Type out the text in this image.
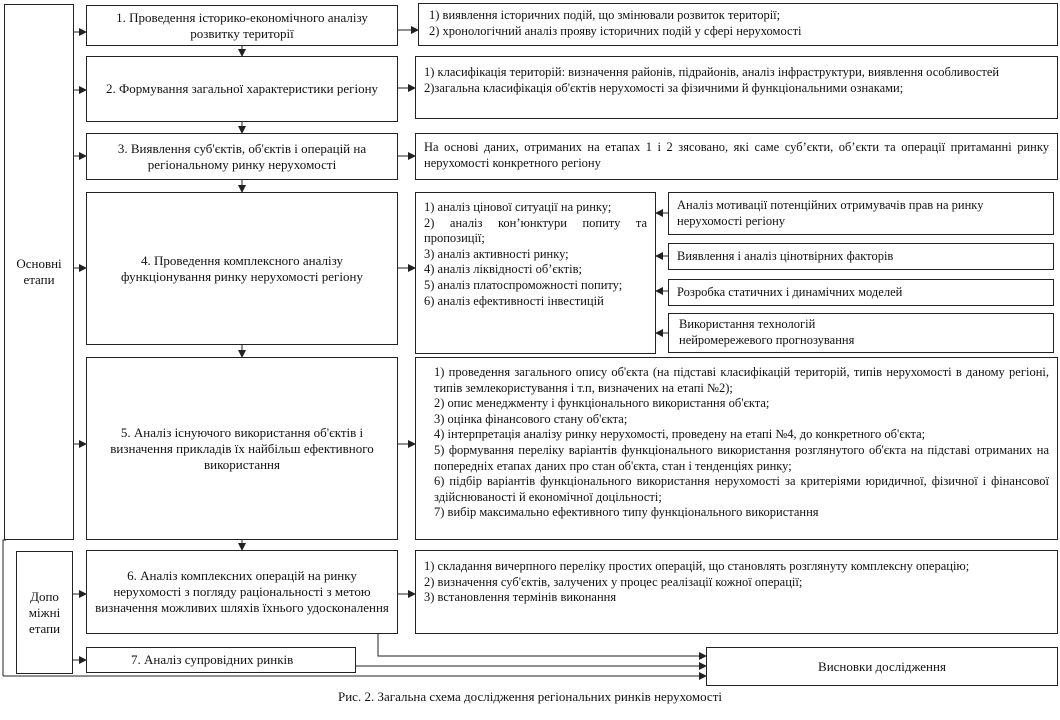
Основні етапи
Допо міжні етапи
1. Проведення історико-економічного аналізу розвитку території
2. Формування загальної характеристики регіону
3. Виявлення суб'єктів, об'єктів і операцій на регіональному ринку нерухомості
4. Проведення комплексного аналізу функціонування ринку нерухомості регіону
5. Аналіз існуючого використання об'єктів і визначення прикладів їх найбільш ефективного використання
6. Аналіз комплексних операцій на ринку нерухомості з погляду раціональності з метою визначення можливих шляхів їхнього удосконалення
7. Аналіз супровідних ринків
1) виявлення історичних подій, що змінювали розвиток території;
2) хронологічний аналіз прояву історичних подій у сфері нерухомості
1) класифікація територій: визначення районів, підрайонів, аналіз інфраструктури, виявлення особливостей
2)загальна класифікація об'єктів нерухомості за фізичними й функціональними ознаками;
На основі даних, отриманих на етапах 1 і 2 зясовано, які саме суб’єкти, об’єкти та операції притаманні ринку нерухомості конкретного регіону
1) аналіз цінової ситуації на ринку;
2) аналіз кон’юнктури попиту та пропозиції;
3) аналіз активності ринку;
4) аналіз ліквідності об’єктів;
5) аналіз платоспроможності попиту;
6) аналіз ефективності інвестицій
1) проведення загального опису об'єкта (на підставі класифікацій територій, типів нерухомості в даному регіоні, типів землекористування і т.п, визначених на етапі №2);
2) опис менеджменту і функціонального використання об'єкта;
3) оцінка фінансового стану об'єкта;
4) інтерпретація аналізу ринку нерухомості, проведену на етапі №4, до конкретного об'єкта;
5) формування переліку варіантів функціонального використання розглянутого об'єкта на підставі отриманих на попередніх етапах даних про стан об'єкта, стан і тенденціях ринку;
6) підбір варіантів функціонального використання нерухомості за критеріями юридичної, фізичної і фінансової здійснюваності й економічної доцільності;
7) вибір максимально ефективного типу функціонального використання
1) складання вичерпного переліку простих операцій, що становлять розглянуту комплексну операцію;
2) визначення суб'єктів, залучених у процес реалізації кожної операції;
3) встановлення термінів виконання
Аналіз мотивації потенційних отримувачів прав на ринку нерухомості регіону
Виявлення і аналіз цінотвірних факторів
Розробка статичних і динамічних моделей
Використання технологій нейромережевого прогнозування
Висновки дослідження
Рис. 2. Загальна схема дослідження регіональних ринків нерухомості
